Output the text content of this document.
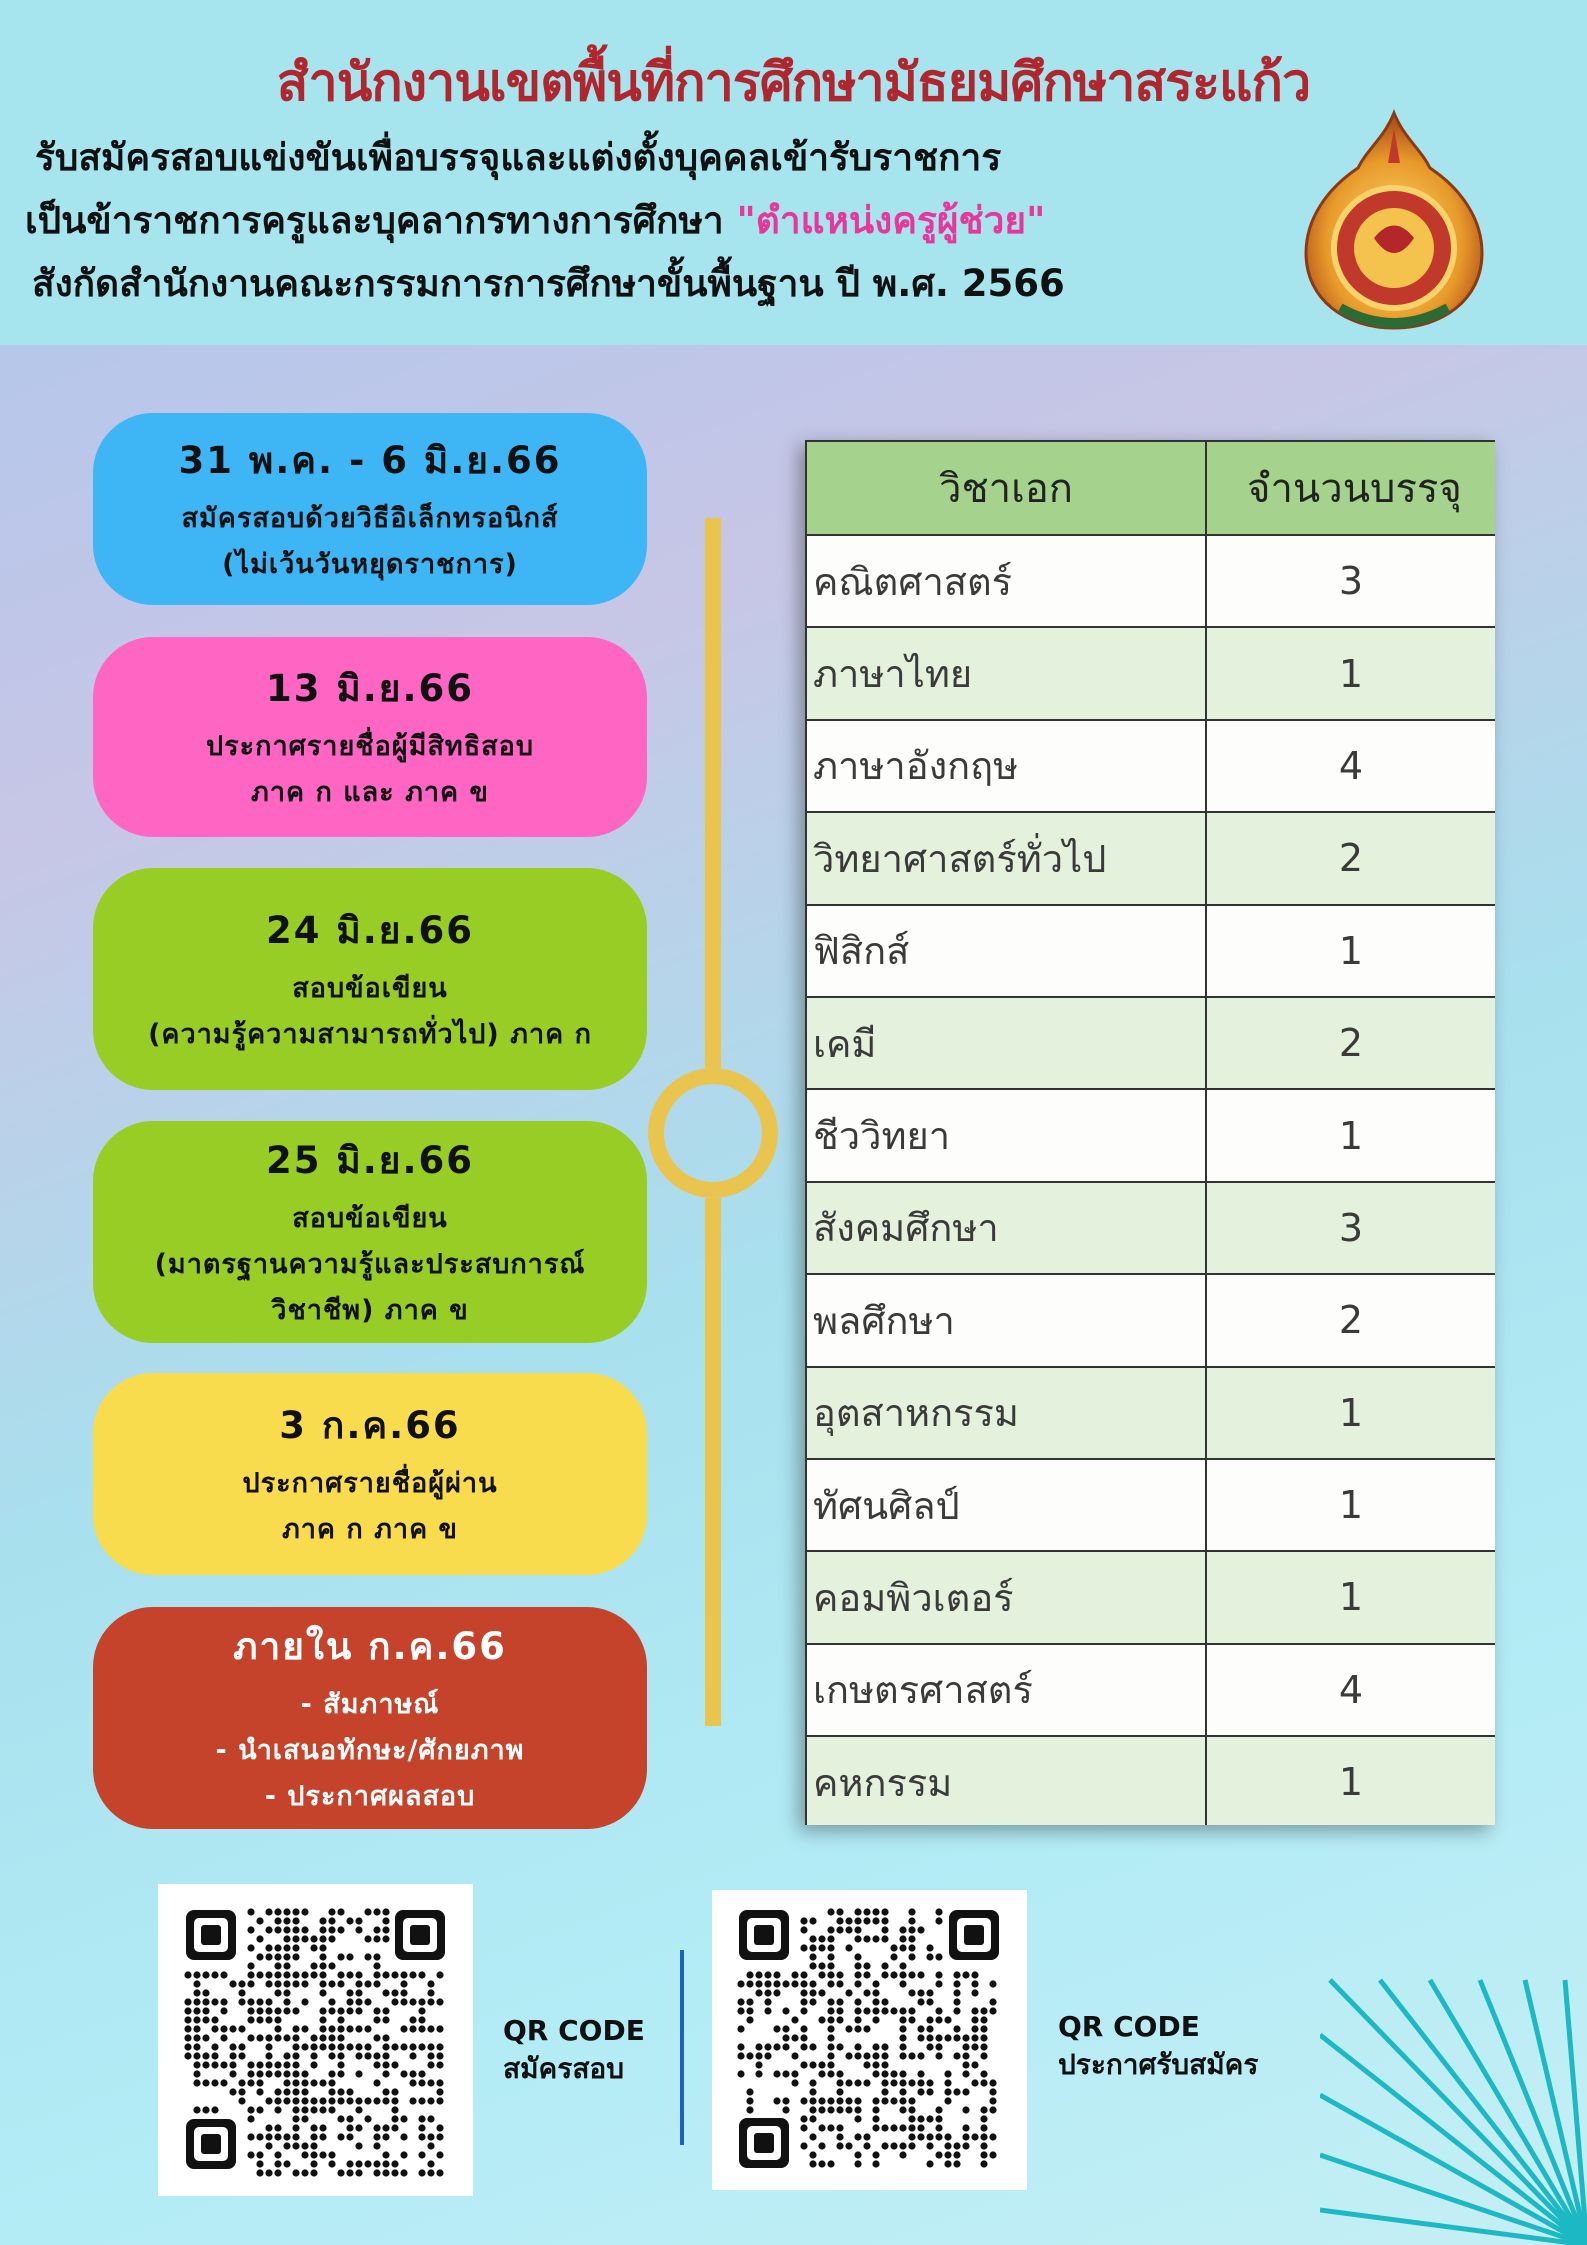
สำนักงานเขตพื้นที่การศึกษามัธยมศึกษาสระแก้ว
รับสมัครสอบแข่งขันเพื่อบรรจุและแต่งตั้งบุคคลเข้ารับราชการ
เป็นข้าราชการครูและบุคลากรทางการศึกษา "ตำแหน่งครูผู้ช่วย"
สังกัดสำนักงานคณะกรรมการการศึกษาขั้นพื้นฐาน ปี พ.ศ. 2566
31 พ.ค. - 6 มิ.ย.66
สมัครสอบด้วยวิธีอิเล็กทรอนิกส์
(ไม่เว้นวันหยุดราชการ)
13 มิ.ย.66
ประกาศรายชื่อผู้มีสิทธิสอบ
ภาค ก และ ภาค ข
24 มิ.ย.66
สอบข้อเขียน
(ความรู้ความสามารถทั่วไป) ภาค ก
25 มิ.ย.66
สอบข้อเขียน
(มาตรฐานความรู้และประสบการณ์
วิชาชีพ) ภาค ข
3 ก.ค.66
ประกาศรายชื่อผู้ผ่าน
ภาค ก ภาค ข
ภายใน ก.ค.66
- สัมภาษณ์
- นำเสนอทักษะ/ศักยภาพ
- ประกาศผลสอบ
วิชาเอก	จำนวนบรรจุ
คณิตศาสตร์	3
ภาษาไทย	1
ภาษาอังกฤษ	4
วิทยาศาสตร์ทั่วไป	2
ฟิสิกส์	1
เคมี	2
ชีววิทยา	1
สังคมศึกษา	3
พลศึกษา	2
อุตสาหกรรม	1
ทัศนศิลป์	1
คอมพิวเตอร์	1
เกษตรศาสตร์	4
คหกรรม	1
QR CODE
สมัครสอบ
QR CODE
ประกาศรับสมัคร
